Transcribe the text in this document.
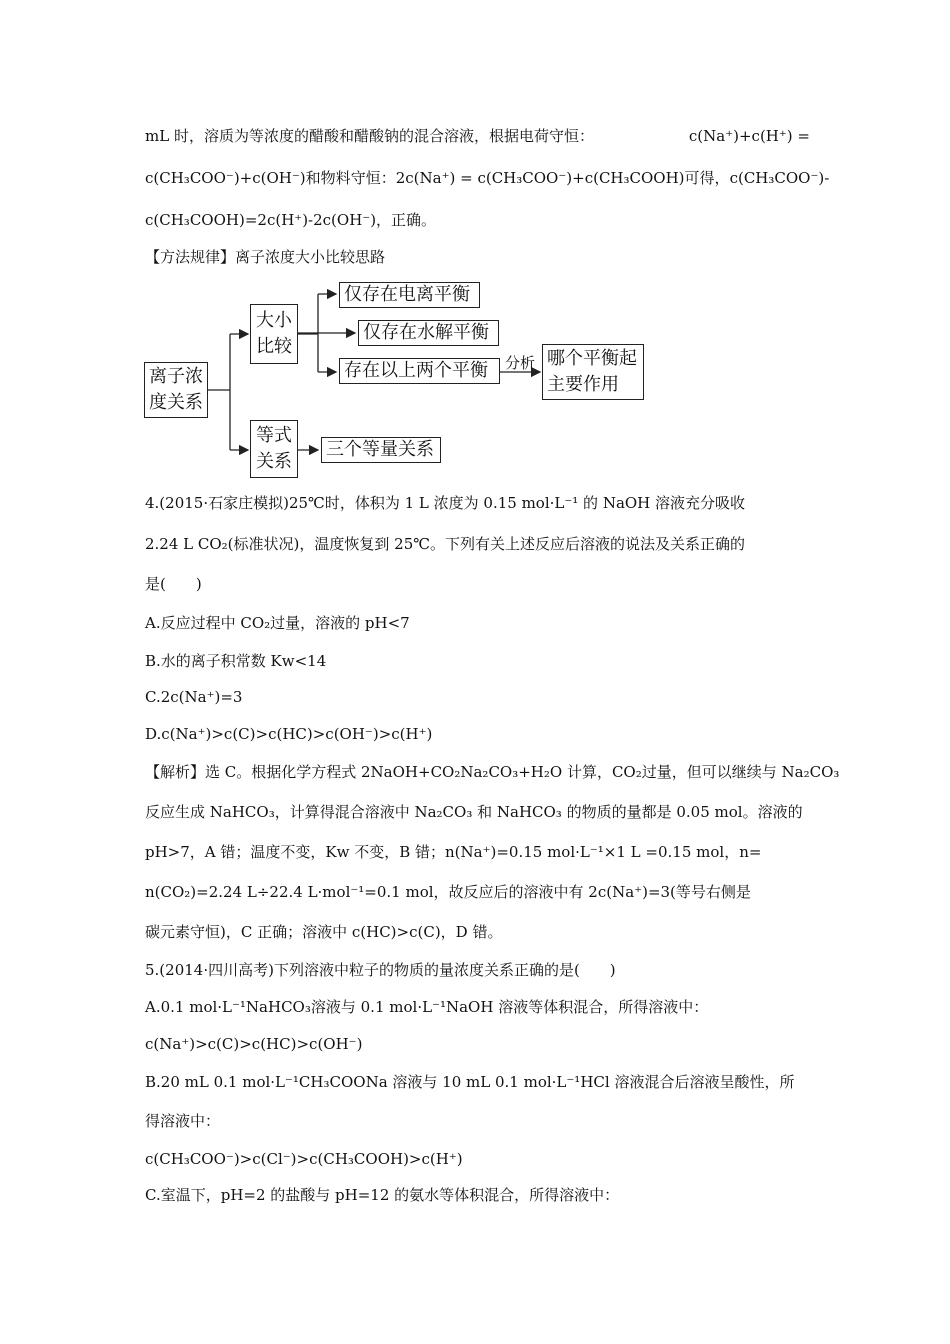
mL 时，溶质为等浓度的醋酸和醋酸钠的混合溶液，根据电荷守恒：	c(Na⁺)+c(H⁺) =
c(CH₃COO⁻)+c(OH⁻) 和 物 料 守 恒： 2c(Na⁺) = c(CH₃COO⁻)+c(CH₃COOH) 可 得， c(CH₃COO⁻)-
c(CH₃COOH)=2c(H⁺)-2c(OH⁻)，正确。
【方法规律】离子浓度大小比较思路
离子浓
度关系
大小
比较
等式
关系
仅存在电离平衡
仅存在水解平衡
存在以上两个平衡	分析 哪个平衡起
主要作用
三个等量关系
4.(2015·石家庄模拟)25℃时，体积为 1 L 浓度为 0.15 mol·L⁻¹ 的 NaOH 溶液充分吸收
2.24 L CO₂(标准状况)，温度恢复到 25℃。下列有关上述反应后溶液的说法及关系正确的
是(　　)
A.反应过程中 CO₂过量，溶液的 pH<7
B.水的离子积常数 Kw<14
C.2c(Na⁺)=3
D.c(Na⁺)>c(C)>c(HC)>c(OH⁻)>c(H⁺)
【解析】选 C。根据化学方程式 2NaOH+CO₂Na₂CO₃+H₂O 计算，CO₂过量，但可以继续与 Na₂CO₃
反应生成 NaHCO₃，计算得混合溶液中 Na₂CO₃ 和 NaHCO₃ 的物质的量都是 0.05 mol。溶液的
pH>7，A 错；温度不变，Kw 不变，B 错；n(Na⁺)=0.15 mol·L⁻¹×1 L =0.15 mol，n=
n(CO₂)=2.24 L÷22.4 L·mol⁻¹=0.1 mol，故反应后的溶液中有 2c(Na⁺)=3(等号右侧是
碳元素守恒)，C 正确；溶液中 c(HC)>c(C)，D 错。
5.(2014·四川高考)下列溶液中粒子的物质的量浓度关系正确的是(　　)
A.0.1 mol·L⁻¹NaHCO₃溶液与 0.1 mol·L⁻¹NaOH 溶液等体积混合，所得溶液中：
c(Na⁺)>c(C)>c(HC)>c(OH⁻)
B.20 mL 0.1 mol·L⁻¹CH₃COONa 溶液与 10 mL 0.1 mol·L⁻¹HCl 溶液混合后溶液呈酸性，所
得溶液中：
c(CH₃COO⁻)>c(Cl⁻)>c(CH₃COOH)>c(H⁺)
C.室温下，pH=2 的盐酸与 pH=12 的氨水等体积混合，所得溶液中：
